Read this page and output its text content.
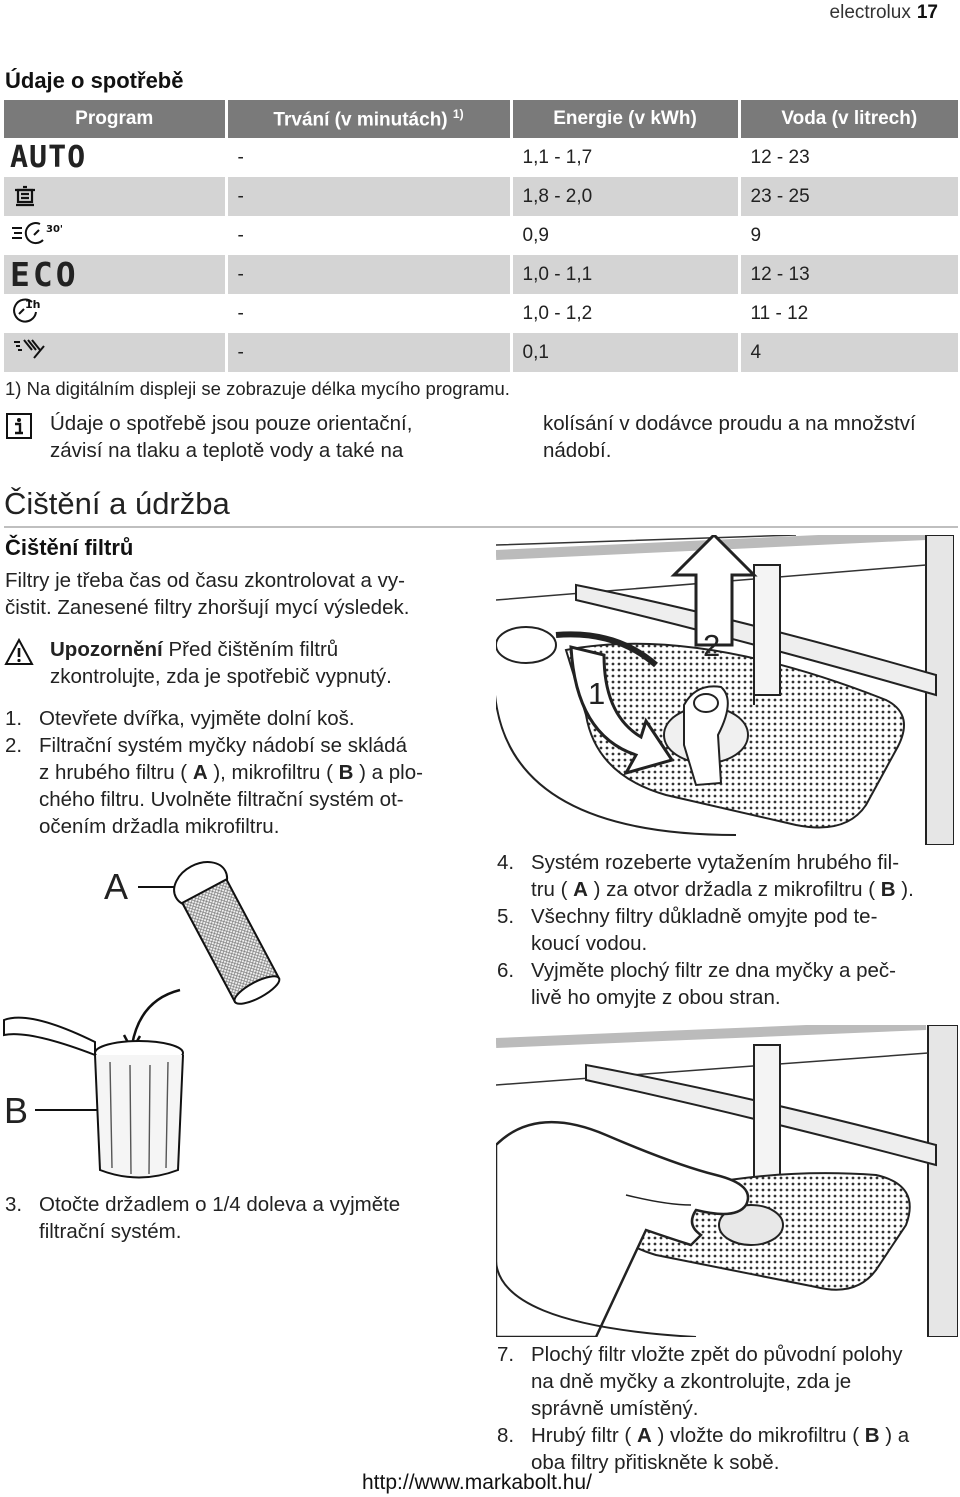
electrolux 17
Údaje o spotřebě
Program	Trvání (v minutách) $^{1)}$	Energie (v kWh)	Voda (v litrech)
AUTO	-	1,1 - 1,7	12 - 23
	-	1,8 - 2,0	23 - 25

30'	-	0,9	9
ECO	-	1,0 - 1,1	12 - 13

1h	-	1,0 - 1,2	11 - 12
	-	0,1	4
1) Na digitálním displeji se zobrazuje délka mycího programu.
Údaje o spotřebě jsou pouze orientační,
závisí na tlaku a teplotě vody a také na
kolísání v dodávce proudu a na množství
nádobí.
Čištění a údržba
Čištění filtrů
Filtry je třeba čas od času zkontrolovat a vy-
čistit. Zanesené filtry zhoršují mycí výsledek.
Upozornění Před čištěním filtrů
zkontrolujte, zda je spotřebič vypnutý.
1. Otevřete dvířka, vyjměte dolní koš.
2. Filtrační systém myčky nádobí se skládá
z hrubého filtru ( A ), mikrofiltru ( B ) a plo-
chého filtru. Uvolněte filtrační systém ot-
očením držadla mikrofiltru.
A
B
3. Otočte držadlem o 1/4 doleva a vyjměte
filtrační systém.
1
2
4. Systém rozeberte vytažením hrubého fil-
tru ( A ) za otvor držadla z mikrofiltru ( B ).
5. Všechny filtry důkladně omyjte pod te-
koucí vodou.
6. Vyjměte plochý filtr ze dna myčky a peč-
livě ho omyjte z obou stran.
7. Plochý filtr vložte zpět do původní polohy
na dně myčky a zkontrolujte, zda je
správně umístěný.
8. Hrubý filtr ( A ) vložte do mikrofiltru ( B ) a
oba filtry přitiskněte k sobě.
http://www.markabolt.hu/
